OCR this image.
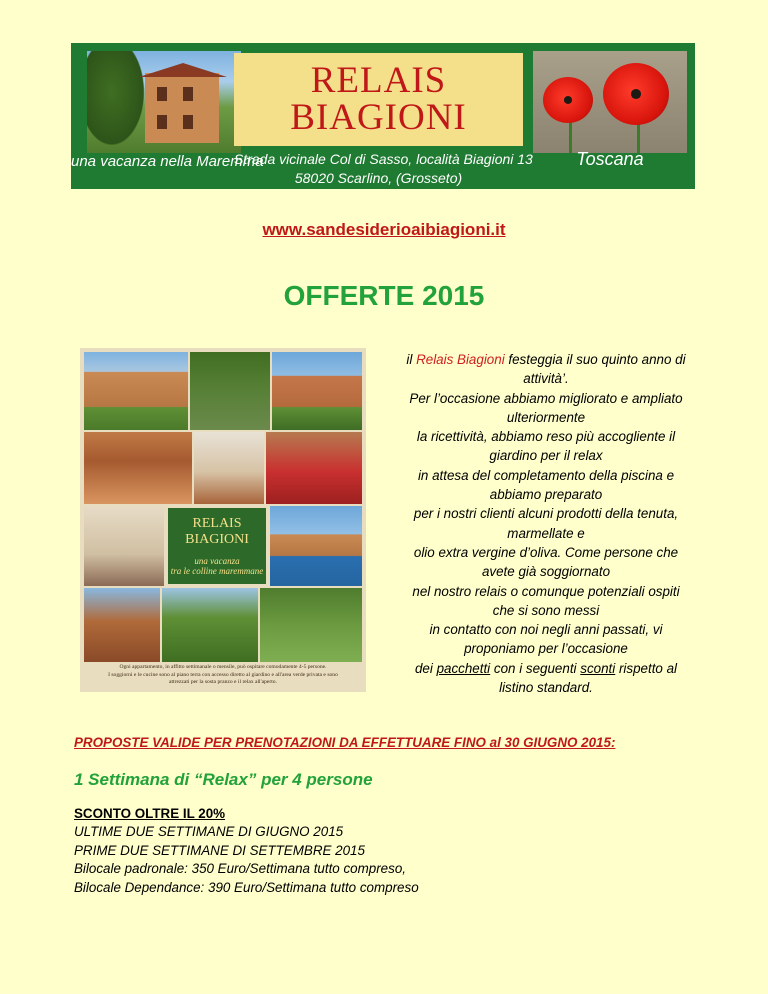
RELAIS
BIAGIONI
una vacanza nella Maremma
Strada vicinale Col di Sasso, località Biagioni 13
58020 Scarlino, (Grosseto)
Toscana
www.sandesiderioaibiagioni.it
OFFERTE 2015
RELAIS
BIAGIONI
una vacanza
tra le colline maremmane
Ogni appartamento, in affitto settimanale o mensile, può ospitare comodamente 4-5 persone.
I soggiorni e le cucine sono al piano terra con accesso diretto al giardino e all'area verde privata e sono
attrezzati per la sosta pranzo e il relax all'aperto.
il Relais Biagioni festeggia il suo quinto anno di
attività’.
Per l’occasione abbiamo migliorato e ampliato
ulteriormente
la ricettività, abbiamo reso più accogliente il
giardino per il relax
in attesa del completamento della piscina e
abbiamo preparato
per i nostri clienti alcuni prodotti della tenuta,
marmellate e
olio extra vergine d’oliva. Come persone che
avete già soggiornato
nel nostro relais o comunque potenziali ospiti
che si sono messi
in contatto con noi negli anni passati, vi
proponiamo per l’occasione
dei pacchetti con i seguenti sconti rispetto al
listino standard.
PROPOSTE VALIDE PER PRENOTAZIONI DA EFFETTUARE FINO al 30 GIUGNO 2015:
1 Settimana di “Relax” per 4 persone
SCONTO OLTRE IL 20%
ULTIME DUE SETTIMANE DI GIUGNO 2015
PRIME DUE SETTIMANE DI SETTEMBRE 2015
Bilocale padronale: 350 Euro/Settimana tutto compreso,
Bilocale Dependance: 390 Euro/Settimana tutto compreso
